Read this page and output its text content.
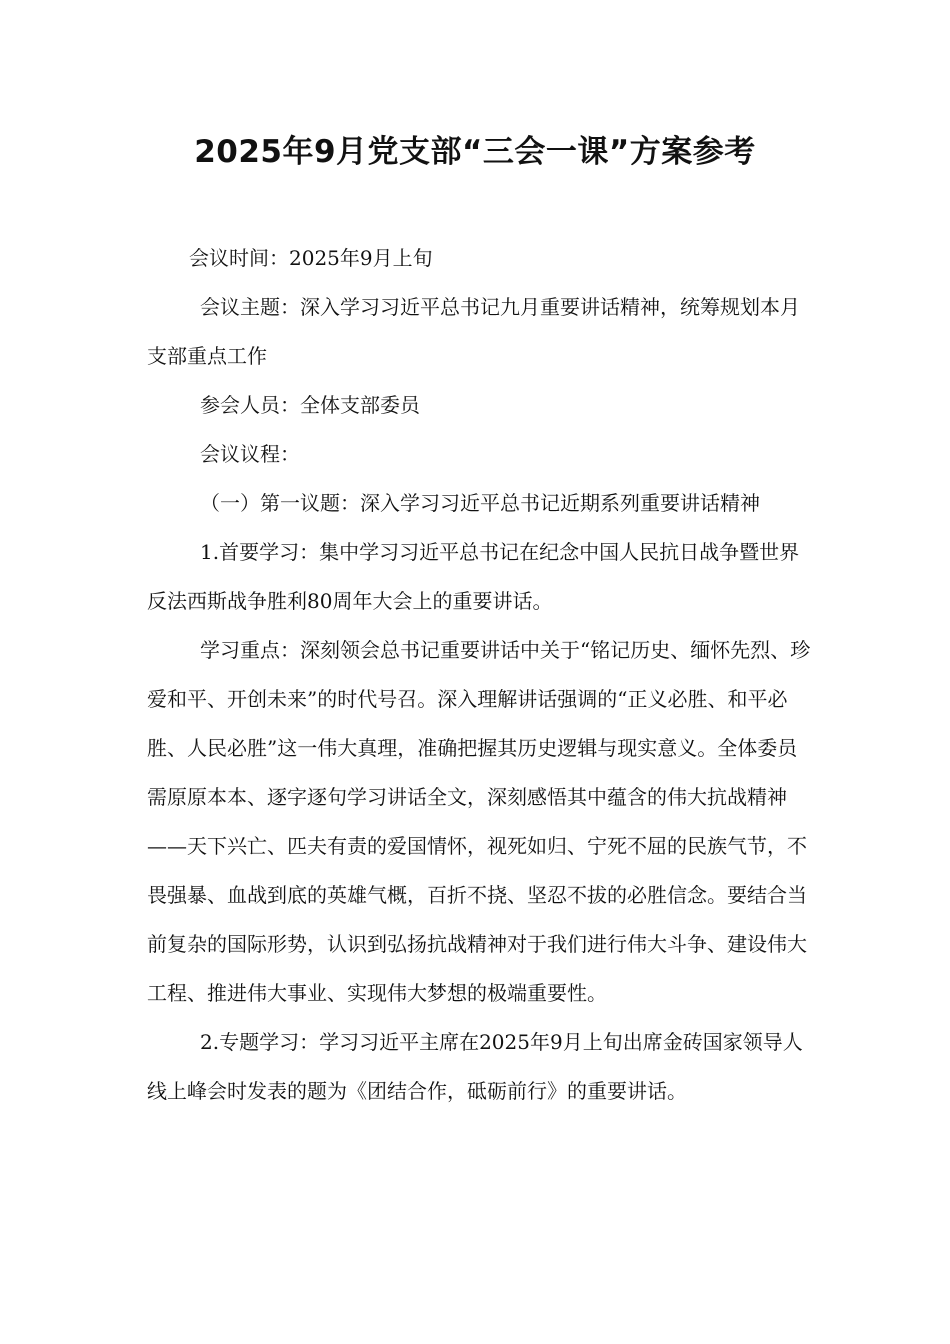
2025年9月党支部“三会一课”方案参考

会议时间：2025年9月上旬

会议主题：深入学习习近平总书记九月重要讲话精神，统筹规划本月支部重点工作

参会人员：全体支部委员

会议议程：

（一）第一议题：深入学习习近平总书记近期系列重要讲话精神

1.首要学习：集中学习习近平总书记在纪念中国人民抗日战争暨世界反法西斯战争胜利80周年大会上的重要讲话。

学习重点：深刻领会总书记重要讲话中关于“铭记历史、缅怀先烈、珍爱和平、开创未来”的时代号召。深入理解讲话强调的“正义必胜、和平必胜、人民必胜”这一伟大真理，准确把握其历史逻辑与现实意义。全体委员需原原本本、逐字逐句学习讲话全文，深刻感悟其中蕴含的伟大抗战精神——天下兴亡、匹夫有责的爱国情怀，视死如归、宁死不屈的民族气节，不畏强暴、血战到底的英雄气概，百折不挠、坚忍不拔的必胜信念。要结合当前复杂的国际形势，认识到弘扬抗战精神对于我们进行伟大斗争、建设伟大工程、推进伟大事业、实现伟大梦想的极端重要性。

2.专题学习：学习习近平主席在2025年9月上旬出席金砖国家领导人线上峰会时发表的题为《团结合作，砥砺前行》的重要讲话。
